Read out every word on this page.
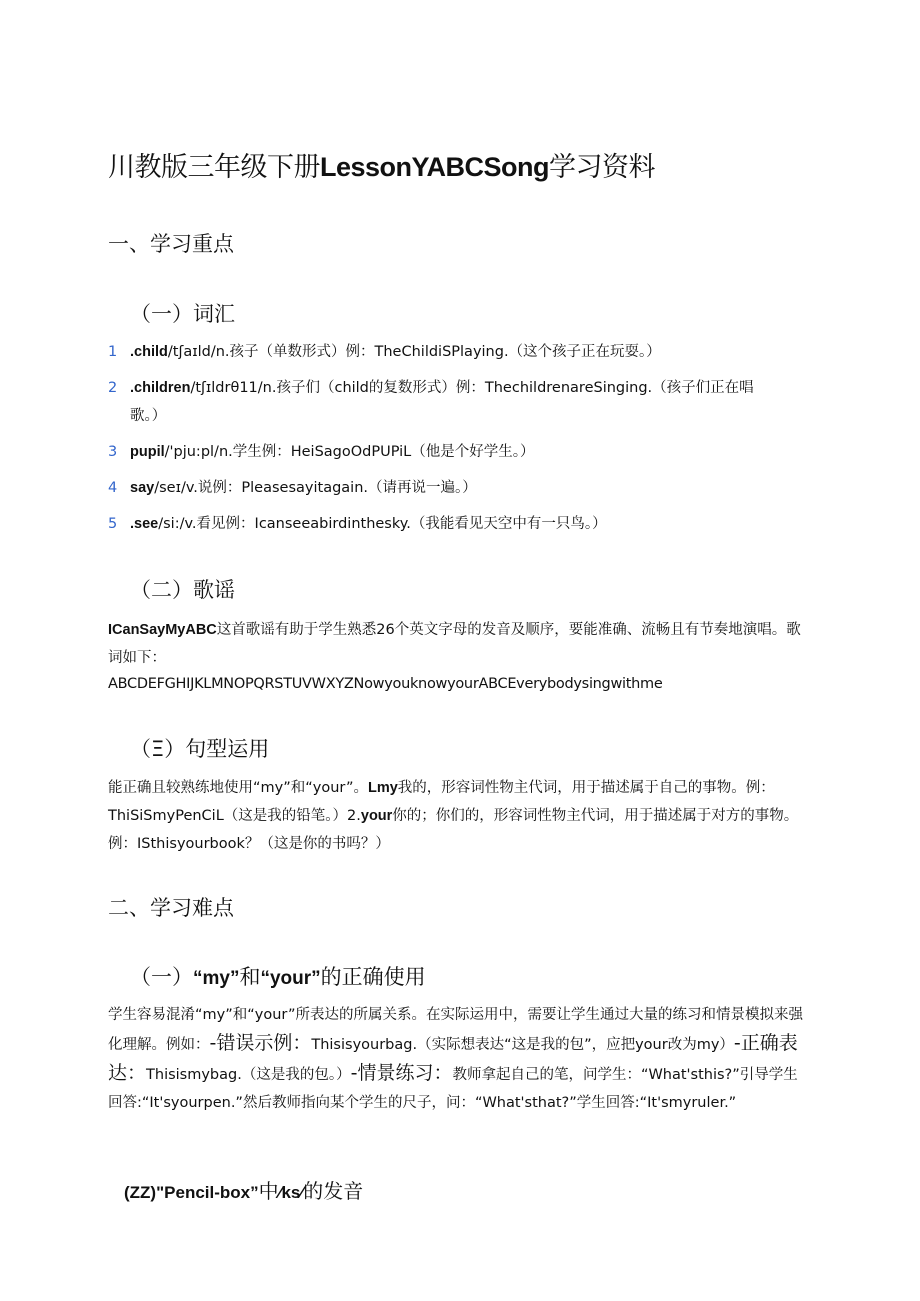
川教版三年级下册LessonYABCSong学习资料
一、学习重点
（一）词汇
1 .child∕tʃaɪld∕n.孩子（单数形式）例：TheChildiSPlaying.（这个孩子正在玩耍。）
2 .children∕tʃɪldrθ11∕n.孩子们（child的复数形式）例：ThechildrenareSinging.（孩子们正在唱
歌。）
3 pupil∕'pju:pl/n.学生例：HeiSagoOdPUPiL（他是个好学生。）
4 say∕seɪ∕v.说例：Pleasesayitagain.（请再说一遍。）
5 .see/si:/v.看见例：Icanseeabirdinthesky.（我能看见天空中有一只鸟。）
（二）歌谣
ICanSayMyABC这首歌谣有助于学生熟悉26个英文字母的发音及顺序，要能准确、流畅且有节奏地演唱。歌词如下：
ABCDEFGHIJKLMNOPQRSTUVWXYZNowyouknowyourABCEverybodysingwithme
（Ξ）句型运用
能正确且较熟练地使用“my”和“your”。Lmy我的，形容词性物主代词，用于描述属于自己的事物。例：ThiSiSmyPenCiL（这是我的铅笔。）2.your你的；你们的，形容词性物主代词，用于描述属于对方的事物。例：ISthisyourbook？（这是你的书吗？）
二、学习难点
（一）“my”和“your”的正确使用
学生容易混淆“my”和“your”所表达的所属关系。在实际运用中，需要让学生通过大量的练习和情景模拟来强化理解。例如：-错误示例：Thisisyourbag.（实际想表达“这是我的包”，应把your改为my）-正确表达：Thisismybag.（这是我的包。）-情景练习：教师拿起自己的笔，问学生：“What'sthis?”引导学生回答:“It'syourpen.”然后教师指向某个学生的尺子，问：“What'sthat?”学生回答:“It'smyruler.”
(ZZ)"Pencil-box”中∕ks∕的发音
